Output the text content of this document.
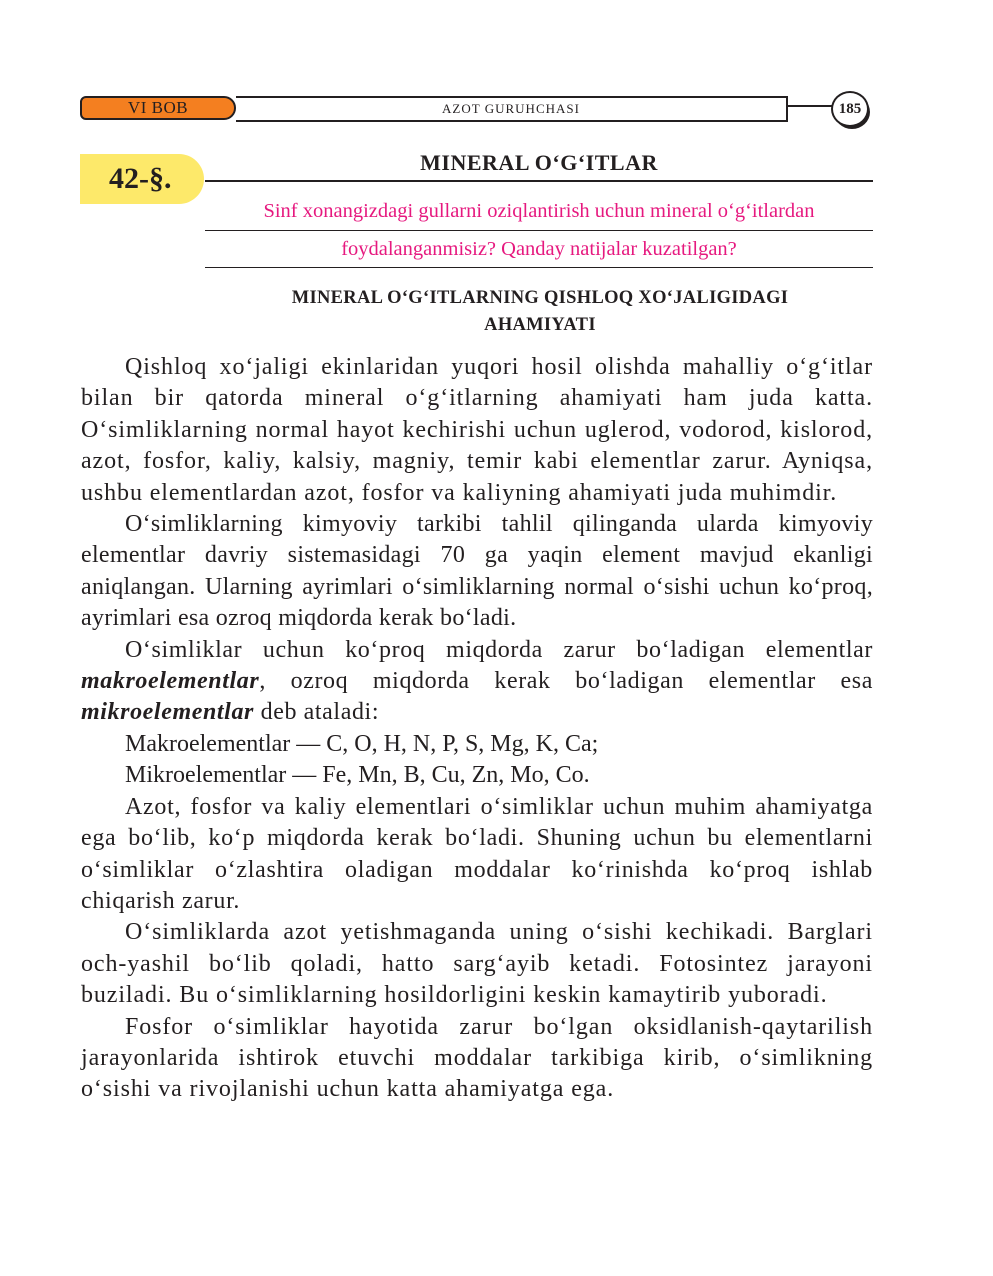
VI BOB	AZOT GURUHCHASI	185
42-§.	MINERAL O‘G‘ITLAR
Sinf xonangizdagi gullarni oziqlantirish uchun mineral o‘g‘itlardan
foydalanganmisiz? Qanday natijalar kuzatilgan?
MINERAL O‘G‘ITLARNING QISHLOQ XO‘JALIGIDAGI
AHAMIYATI

Qishloq xo‘jaligi ekinlaridan yuqori hosil olishda mahalliy o‘g‘itlar bilan bir qatorda mineral o‘g‘itlarning ahamiyati ham juda katta. O‘simliklarning normal hayot kechirishi uchun uglerod, vodorod, kislorod, azot, fosfor, kaliy, kalsiy, magniy, temir kabi elementlar zarur. Ayniqsa, ushbu elementlardan azot, fosfor va kaliyning ahamiyati juda muhimdir.

O‘simliklarning kimyoviy tarkibi tahlil qilinganda ularda kimyoviy elementlar davriy sistemasidagi 70 ga yaqin element mavjud ekanligi aniqlangan. Ularning ayrimlari o‘simliklarning normal o‘sishi uchun ko‘proq, ayrimlari esa ozroq miqdorda kerak bo‘ladi.

O‘simliklar uchun ko‘proq miqdorda zarur bo‘ladigan elementlar makroelementlar, ozroq miqdorda kerak bo‘ladigan elementlar esa mikroelementlar deb ataladi:

Makroelementlar — C, O, H, N, P, S, Mg, K, Ca;

Mikroelementlar — Fe, Mn, B, Cu, Zn, Mo, Co.

Azot, fosfor va kaliy elementlari o‘simliklar uchun muhim ahamiyatga ega bo‘lib, ko‘p miqdorda kerak bo‘ladi. Shuning uchun bu elementlarni o‘simliklar o‘zlashtira oladigan moddalar ko‘rinishda ko‘proq ishlab chiqarish zarur.

O‘simliklarda azot yetishmaganda uning o‘sishi kechikadi. Barglari och-yashil bo‘lib qoladi, hatto sarg‘ayib ketadi. Fotosintez jarayoni buziladi. Bu o‘simliklarning hosildorligini keskin kamaytirib yuboradi.

Fosfor o‘simliklar hayotida zarur bo‘lgan oksidlanish-qaytarilish jarayonlarida ishtirok etuvchi moddalar tarkibiga kirib, o‘simlikning o‘sishi va rivojlanishi uchun katta ahamiyatga ega.
